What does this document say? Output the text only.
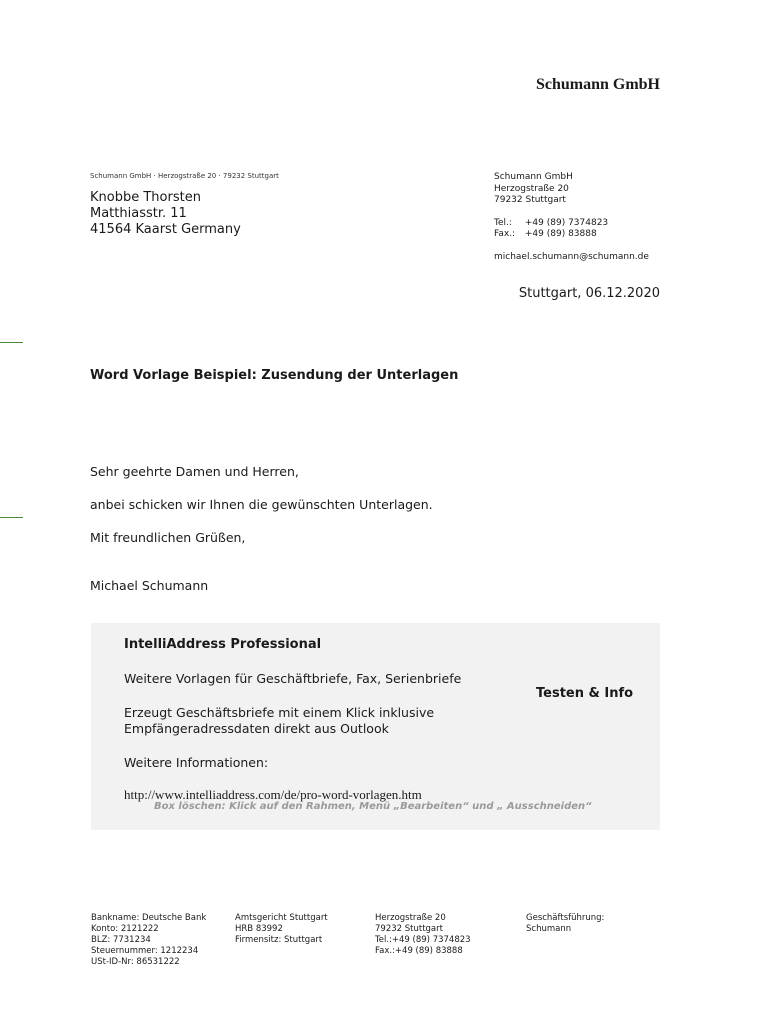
Schumann GmbH
Schumann GmbH · Herzogstraße 20 · 79232 Stuttgart
Knobbe Thorsten
Matthiasstr. 11
41564 Kaarst Germany
Schumann GmbH
Herzogstraße 20
79232 Stuttgart
Tel.: +49 (89) 7374823
Fax.: +49 (89) 83888
michael.schumann@schumann.de
Stuttgart, 06.12.2020
Word Vorlage Beispiel: Zusendung der Unterlagen
Sehr geehrte Damen und Herren,
anbei schicken wir Ihnen die gewünschten Unterlagen.
Mit freundlichen Grüßen,
Michael Schumann
IntelliAddress Professional
Weitere Vorlagen für Geschäftbriefe, Fax, Serienbriefe
Erzeugt Geschäftsbriefe mit einem Klick inklusive
Empfängeradressdaten direkt aus Outlook
Weitere Informationen:
http://www.intelliaddress.com/de/pro-word-vorlagen.htm
Box löschen: Klick auf den Rahmen, Menü „Bearbeiten“ und „ Ausschneiden“
Testen & Info
Bankname: Deutsche Bank
Konto: 2121222
BLZ: 7731234
Steuernummer: 1212234
USt-ID-Nr: 86531222
Amtsgericht Stuttgart
HRB 83992
Firmensitz: Stuttgart
Herzogstraße 20
79232 Stuttgart
Tel.:+49 (89) 7374823
Fax.:+49 (89) 83888
Geschäftsführung:
Schumann
